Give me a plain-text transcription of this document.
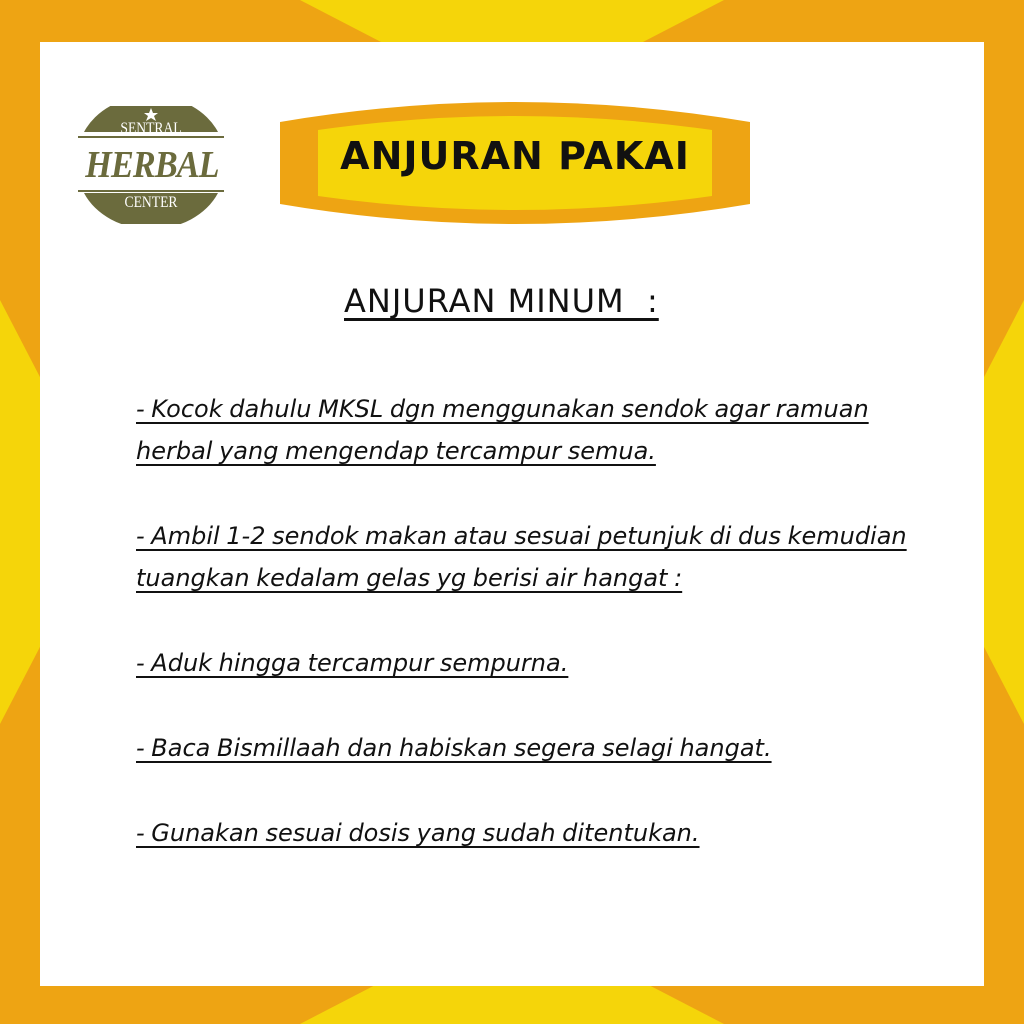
SENTRAL
HERBAL
CENTER
ANJURAN PAKAI
ANJURAN MINUM  :
- Kocok dahulu MKSL dgn menggunakan sendok agar ramuan herbal yang mengendap tercampur semua.
- Ambil 1-2 sendok makan atau sesuai petunjuk di dus kemudian tuangkan kedalam gelas yg berisi air hangat :
- Aduk hingga tercampur sempurna.
- Baca Bismillaah dan habiskan segera selagi hangat.
- Gunakan sesuai dosis yang sudah ditentukan.
